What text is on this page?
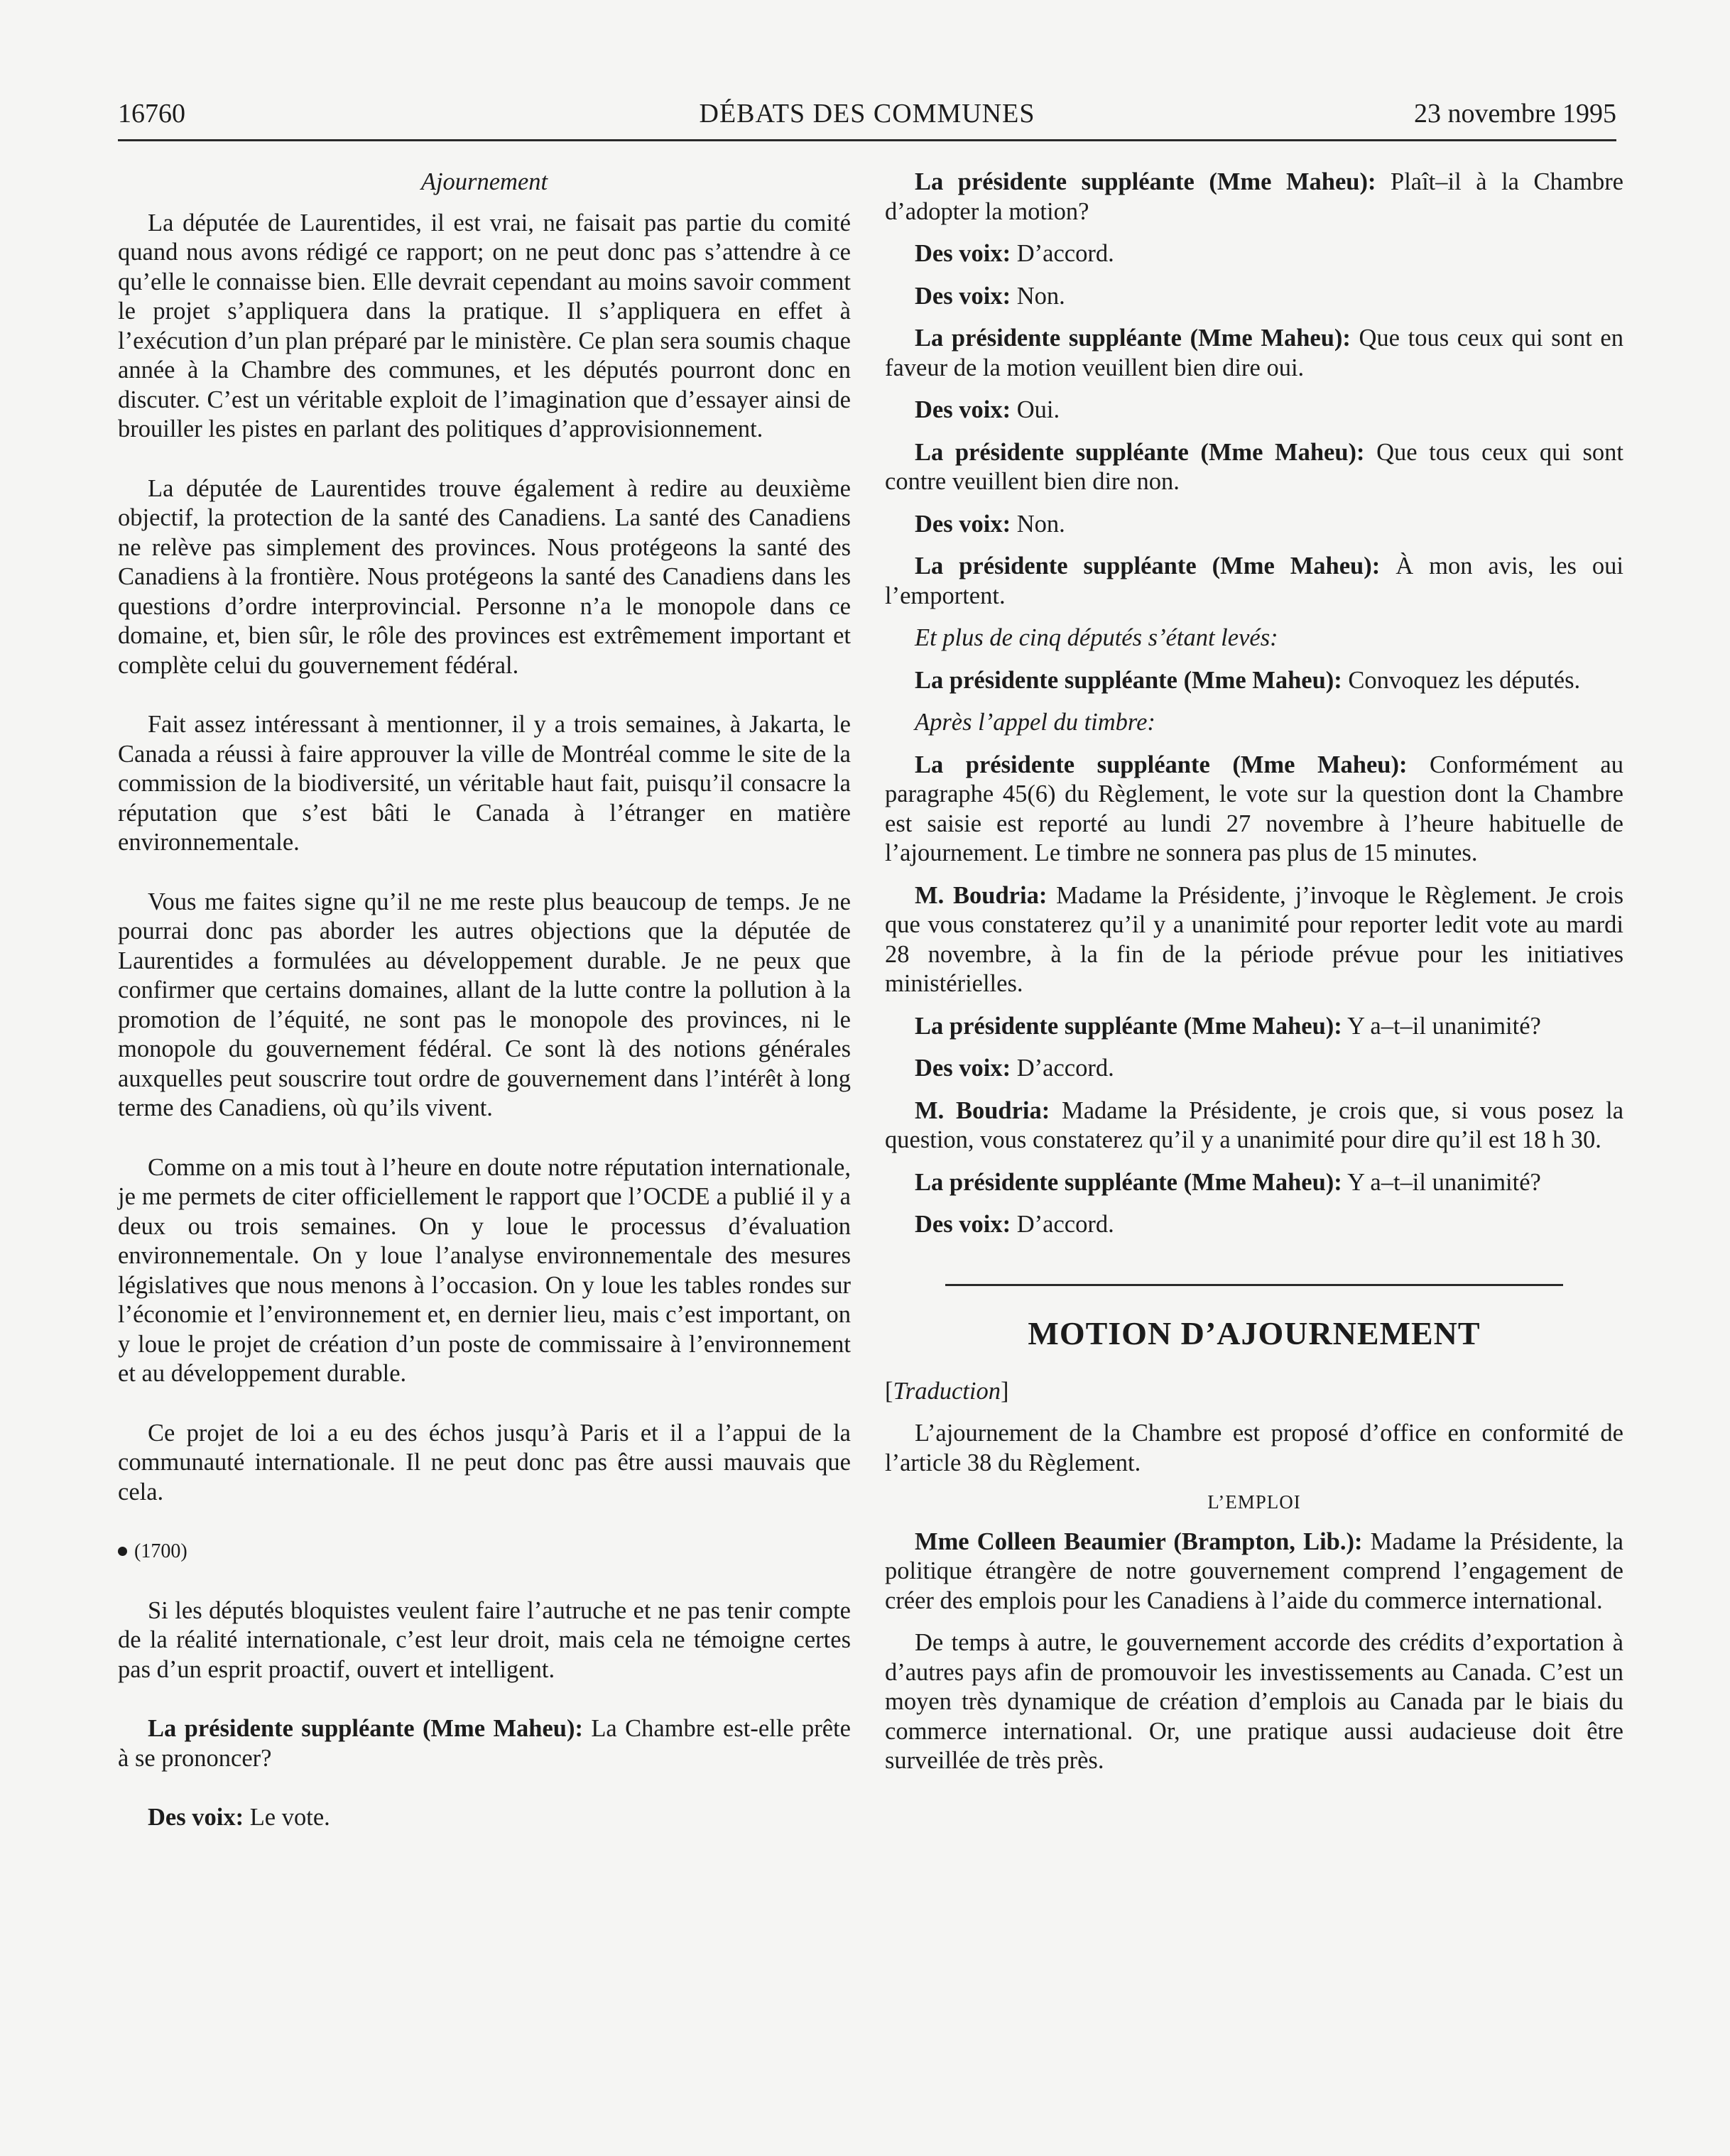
16760	DÉBATS DES COMMUNES	23 novembre 1995

Ajournement

La députée de Laurentides, il est vrai, ne faisait pas partie du comité quand nous avons rédigé ce rapport; on ne peut donc pas s’attendre à ce qu’elle le connaisse bien. Elle devrait cependant au moins savoir comment le projet s’appliquera dans la pratique. Il s’appliquera en effet à l’exécution d’un plan préparé par le ministère. Ce plan sera soumis chaque année à la Chambre des communes, et les députés pourront donc en discuter. C’est un véritable exploit de l’imagination que d’essayer ainsi de brouiller les pistes en parlant des politiques d’approvisionnement.

La députée de Laurentides trouve également à redire au deuxième objectif, la protection de la santé des Canadiens. La santé des Canadiens ne relève pas simplement des provinces. Nous protégeons la santé des Canadiens à la frontière. Nous protégeons la santé des Canadiens dans les questions d’ordre interprovincial. Personne n’a le monopole dans ce domaine, et, bien sûr, le rôle des provinces est extrêmement important et complète celui du gouvernement fédéral.

Fait assez intéressant à mentionner, il y a trois semaines, à Jakarta, le Canada a réussi à faire approuver la ville de Montréal comme le site de la commission de la biodiversité, un véritable haut fait, puisqu’il consacre la réputation que s’est bâti le Canada à l’étranger en matière environnementale.

Vous me faites signe qu’il ne me reste plus beaucoup de temps. Je ne pourrai donc pas aborder les autres objections que la députée de Laurentides a formulées au développement durable. Je ne peux que confirmer que certains domaines, allant de la lutte contre la pollution à la promotion de l’équité, ne sont pas le monopole des provinces, ni le monopole du gouvernement fédéral. Ce sont là des notions générales auxquelles peut souscrire tout ordre de gouvernement dans l’intérêt à long terme des Canadiens, où qu’ils vivent.

Comme on a mis tout à l’heure en doute notre réputation internationale, je me permets de citer officiellement le rapport que l’OCDE a publié il y a deux ou trois semaines. On y loue le processus d’évaluation environnementale. On y loue l’analyse environnementale des mesures législatives que nous menons à l’occasion. On y loue les tables rondes sur l’économie et l’environnement et, en dernier lieu, mais c’est important, on y loue le projet de création d’un poste de commissaire à l’environnement et au développement durable.

Ce projet de loi a eu des échos jusqu’à Paris et il a l’appui de la communauté internationale. Il ne peut donc pas être aussi mauvais que cela.

(1700)

Si les députés bloquistes veulent faire l’autruche et ne pas tenir compte de la réalité internationale, c’est leur droit, mais cela ne témoigne certes pas d’un esprit proactif, ouvert et intelligent.

La présidente suppléante (Mme Maheu): La Chambre est-elle prête à se prononcer?

Des voix: Le vote.

La présidente suppléante (Mme Maheu): Plaît–il à la Chambre d’adopter la motion?

Des voix: D’accord.

Des voix: Non.

La présidente suppléante (Mme Maheu): Que tous ceux qui sont en faveur de la motion veuillent bien dire oui.

Des voix: Oui.

La présidente suppléante (Mme Maheu): Que tous ceux qui sont contre veuillent bien dire non.

Des voix: Non.

La présidente suppléante (Mme Maheu): À mon avis, les oui l’emportent.

Et plus de cinq députés s’étant levés:

La présidente suppléante (Mme Maheu): Convoquez les députés.

Après l’appel du timbre:

La présidente suppléante (Mme Maheu): Conformément au paragraphe 45(6) du Règlement, le vote sur la question dont la Chambre est saisie est reporté au lundi 27 novembre à l’heure habituelle de l’ajournement. Le timbre ne sonnera pas plus de 15 minutes.

M. Boudria: Madame la Présidente, j’invoque le Règlement. Je crois que vous constaterez qu’il y a unanimité pour reporter ledit vote au mardi 28 novembre, à la fin de la période prévue pour les initiatives ministérielles.

La présidente suppléante (Mme Maheu): Y a–t–il unanimité?

Des voix: D’accord.

M. Boudria: Madame la Présidente, je crois que, si vous posez la question, vous constaterez qu’il y a unanimité pour dire qu’il est 18 h 30.

La présidente suppléante (Mme Maheu): Y a–t–il unanimité?

Des voix: D’accord.

MOTION D’AJOURNEMENT

[Traduction]

L’ajournement de la Chambre est proposé d’office en conformité de l’article 38 du Règlement.

L’EMPLOI

Mme Colleen Beaumier (Brampton, Lib.): Madame la Présidente, la politique étrangère de notre gouvernement comprend l’engagement de créer des emplois pour les Canadiens à l’aide du commerce international.

De temps à autre, le gouvernement accorde des crédits d’exportation à d’autres pays afin de promouvoir les investissements au Canada. C’est un moyen très dynamique de création d’emplois au Canada par le biais du commerce international. Or, une pratique aussi audacieuse doit être surveillée de très près.
